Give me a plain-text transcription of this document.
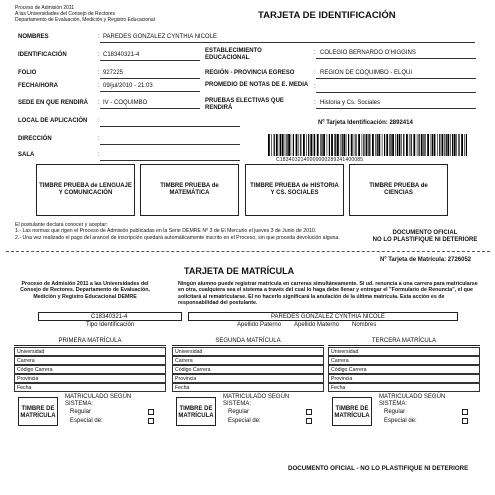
Proceso de Admisión 2011
A las Universidades del Consejo de Rectores
Departamento de Evaluación, Medición y Registro Educacional	TARJETA DE IDENTIFICACIÓN
NOMBRES	PAREDES GONZALEZ CYNTHIA NICOLE
:
IDENTIFICACIÓN	: C18340321-4
FOLIO	: 927225
FECHA/HORA	: 09/jul/2010 - 21:03
SEDE EN QUE RENDIRÁ : IV - COQUIMBO
LOCAL DE APLICACIÓN :
DIRECCIÓN	:
SALA	:
ESTABLECIMIENTO EDUCACIONAL
: COLEGIO BERNARDO O'HIGGINS
REGIÓN - PROVINCIA EGRESO	: REGION DE COQUIMBO - ELQUI
PROMEDIO DE NOTAS DE E. MEDIA :
PRUEBAS ELECTIVAS QUE RENDIRÁ
: Historia y Cs. Sociales
Nº Tarjeta Identificación: 2892414
C1834032140000000289241400085
TIMBRE PRUEBA de LENGUAJE Y COMUNICACIÓN
TIMBRE PRUEBA de MATEMÁTICA
TIMBRE PRUEBA de HISTORIA Y CS. SOCIALES
TIMBRE PRUEBA de CIENCIAS
El postulante declara conocer y aceptar:
1.- Las normas que rigen el Proceso de Admisión publicadas en la Serie DEMRE Nº 3 de El Mercurio el jueves 3 de Junio de 2010.
2.- Una vez realizado el pago del arancel de inscripción quedará automáticamente inscrito en el Proceso, sin que proceda devolución alguna.
DOCUMENTO OFICIAL
NO LO PLASTIFIQUE NI DETERIORE
Nº Tarjeta de Matrícula: 2726052
TARJETA DE MATRÍCULA
Proceso de Admisión 2011 a las Universidades del Consejo de Rectores. Departamento de Evaluación, Medición y Registro Educacional DEMRE
Ningún alumno puede registrar matrícula en carreras simultáneamente. Si ud. renuncia a una carrera para matricularse en otra, cualquiera sea el sistema a través del cual lo haga debe llenar y entregar el "Formulario de Renuncia", el que solicitará al rematricularse. El no hacerlo significará la anulación de la última matrícula. Esta acción es de responsabilidad del postulante.
C18340321-4
Tipo Identificación
PAREDES GONZALEZ CYNTHIA NICOLE
Apellido Paterno Apellido Materno Nombres
PRIMERA MATRÍCULA
Universidad
Carrera
Código Carrera
Provincia
Fecha
TIMBRE DE MATRÍCULA
MATRICULADO SEGÚN SISTEMA:
Regular
Especial de:
SEGUNDA MATRÍCULA
Universidad
Carrera
Código Carrera
Provincia
Fecha
TIMBRE DE MATRÍCULA
MATRICULADO SEGÚN SISTEMA:
Regular
Especial de:
TERCERA MATRÍCULA
Universidad
Carrera
Código Carrera
Provincia
Fecha
TIMBRE DE MATRÍCULA
MATRICULADO SEGÚN SISTEMA:
Regular
Especial de:
DOCUMENTO OFICIAL - NO LO PLASTIFIQUE NI DETERIORE
